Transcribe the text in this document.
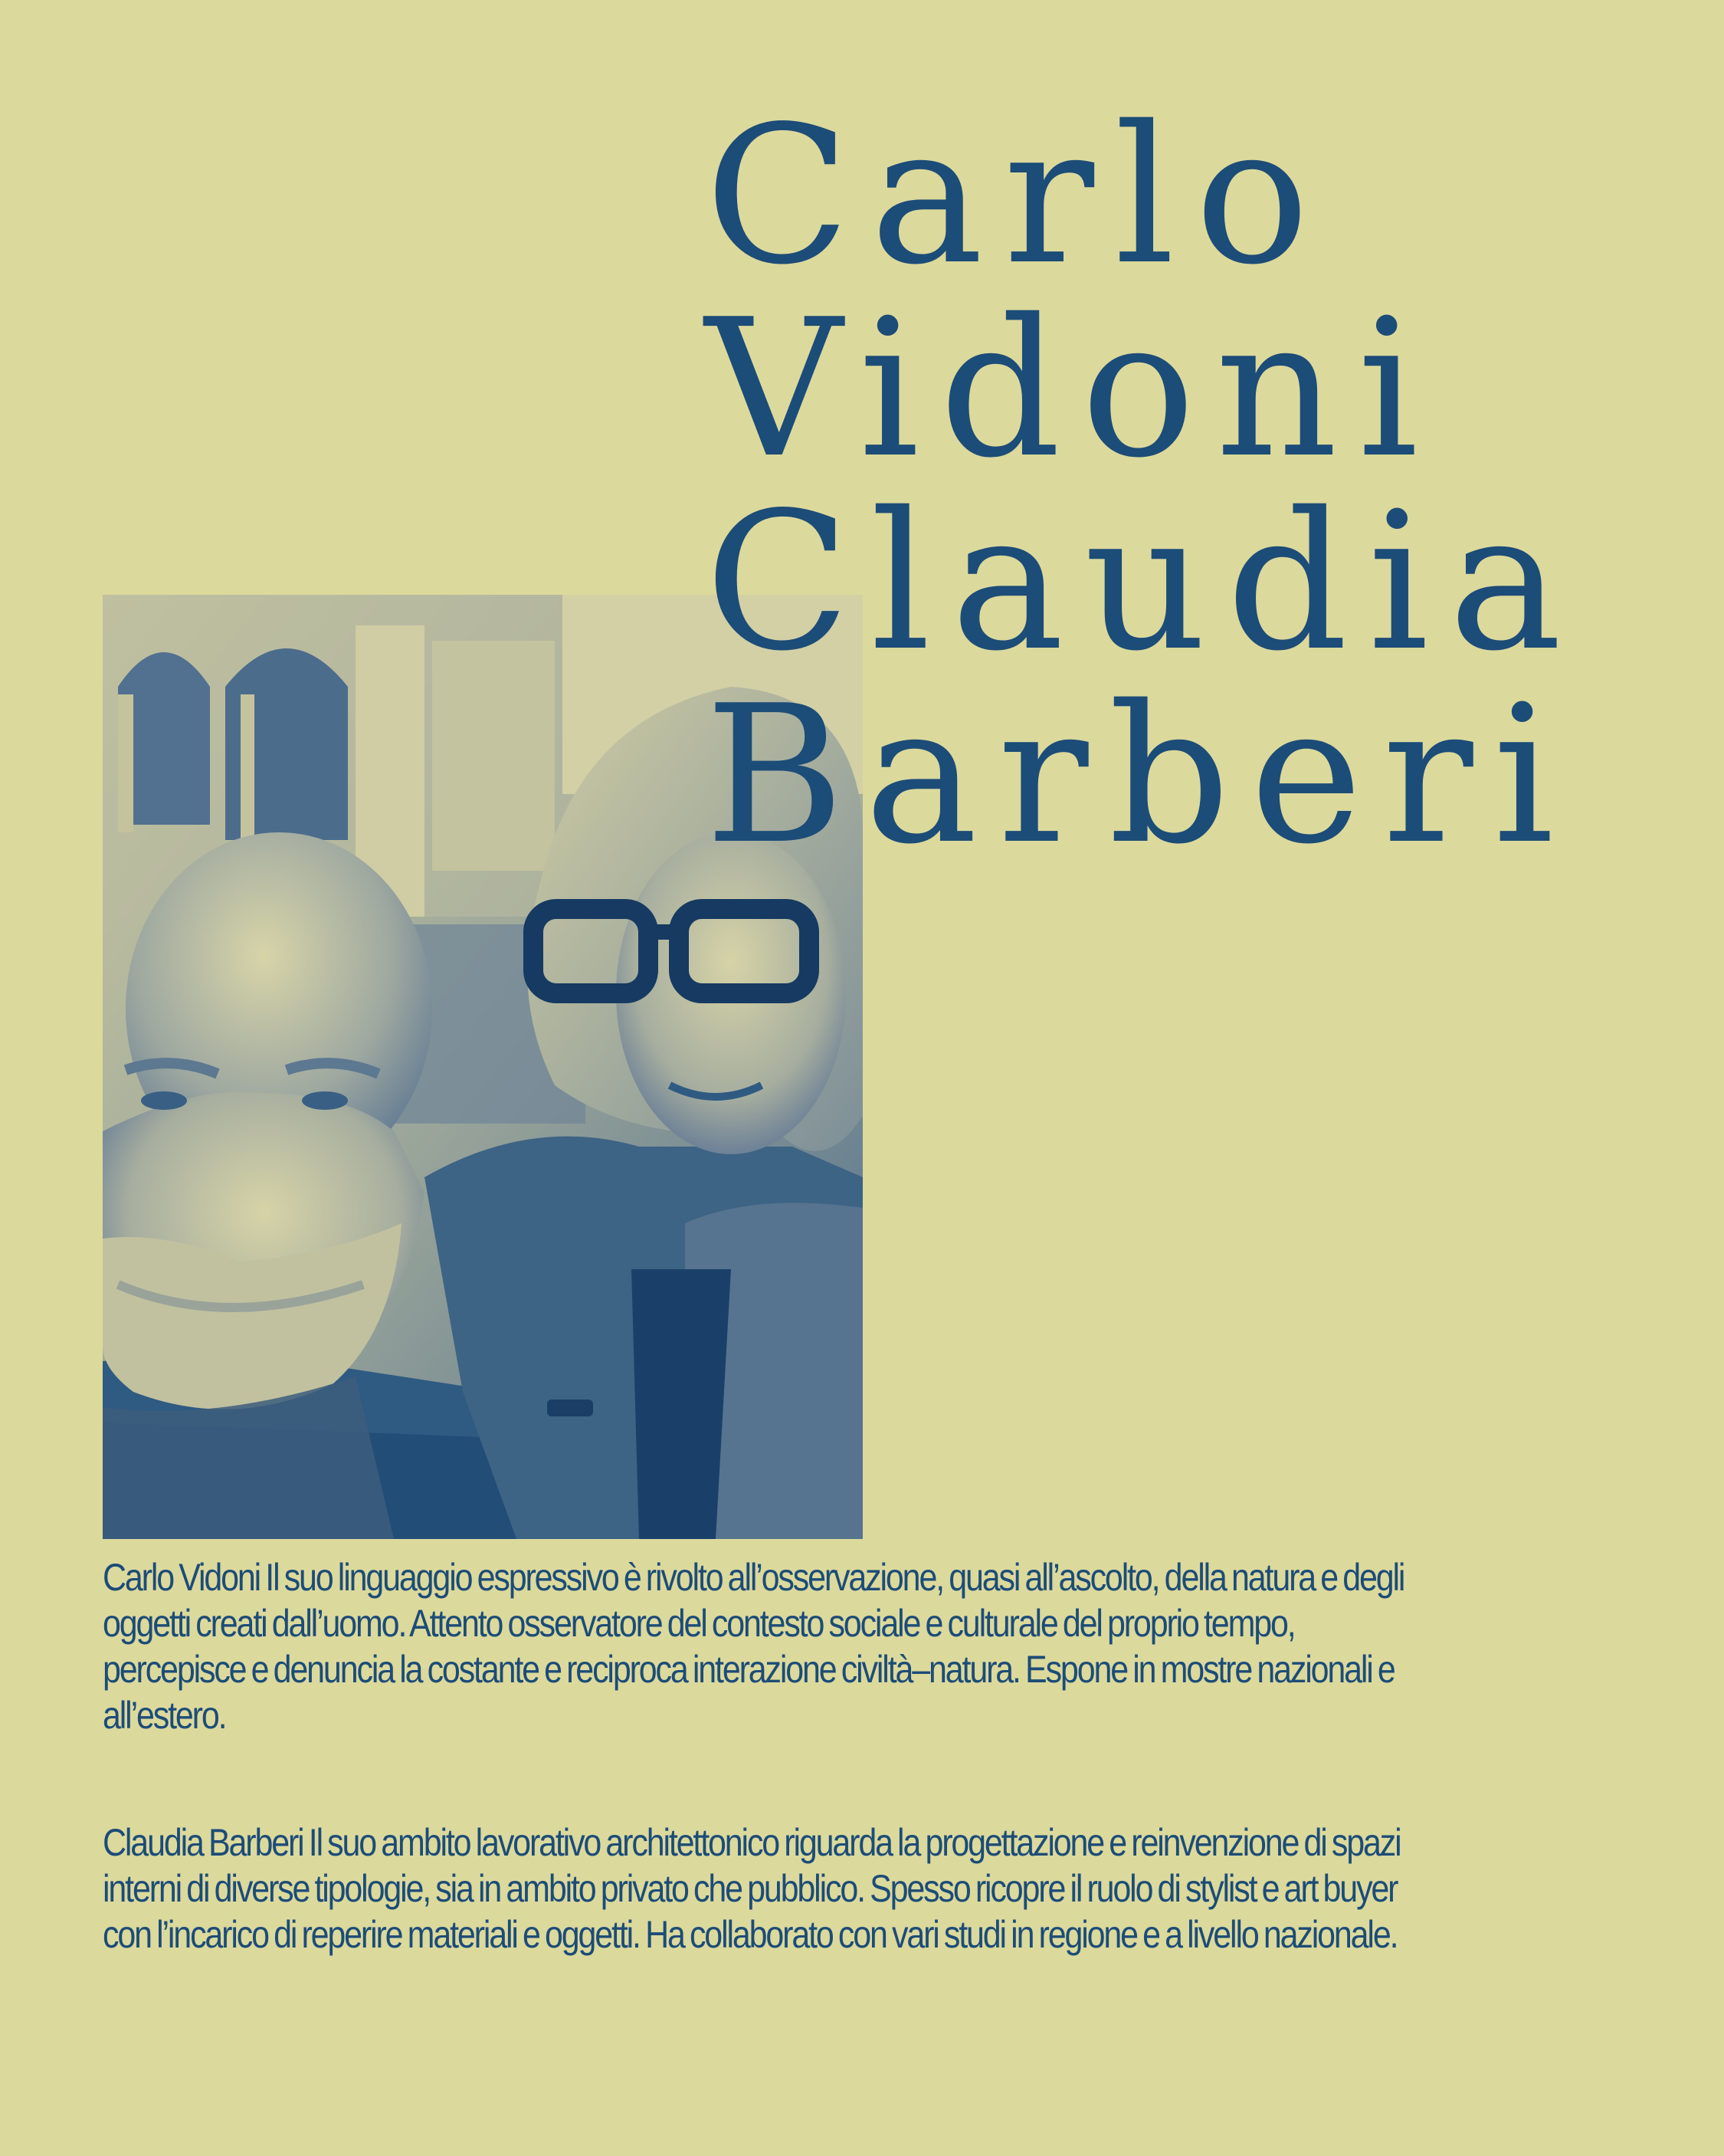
Carlo
Vidoni
Claudia
Barberi

Carlo Vidoni Il suo linguaggio espressivo è rivolto all’osservazione, quasi all’ascolto, della natura e degli oggetti creati dall’uomo. Attento osservatore del contesto sociale e culturale del proprio tempo, percepisce e denuncia la costante e reciproca interazione civiltà–natura. Espone in mostre nazionali e all’estero.

Claudia Barberi Il suo ambito lavorativo architettonico riguarda la progettazione e reinvenzione di spazi interni di diverse tipologie, sia in ambito privato che pubblico. Spesso ricopre il ruolo di stylist e art buyer con l’incarico di reperire materiali e oggetti. Ha collaborato con vari studi in regione e a livello nazionale.
